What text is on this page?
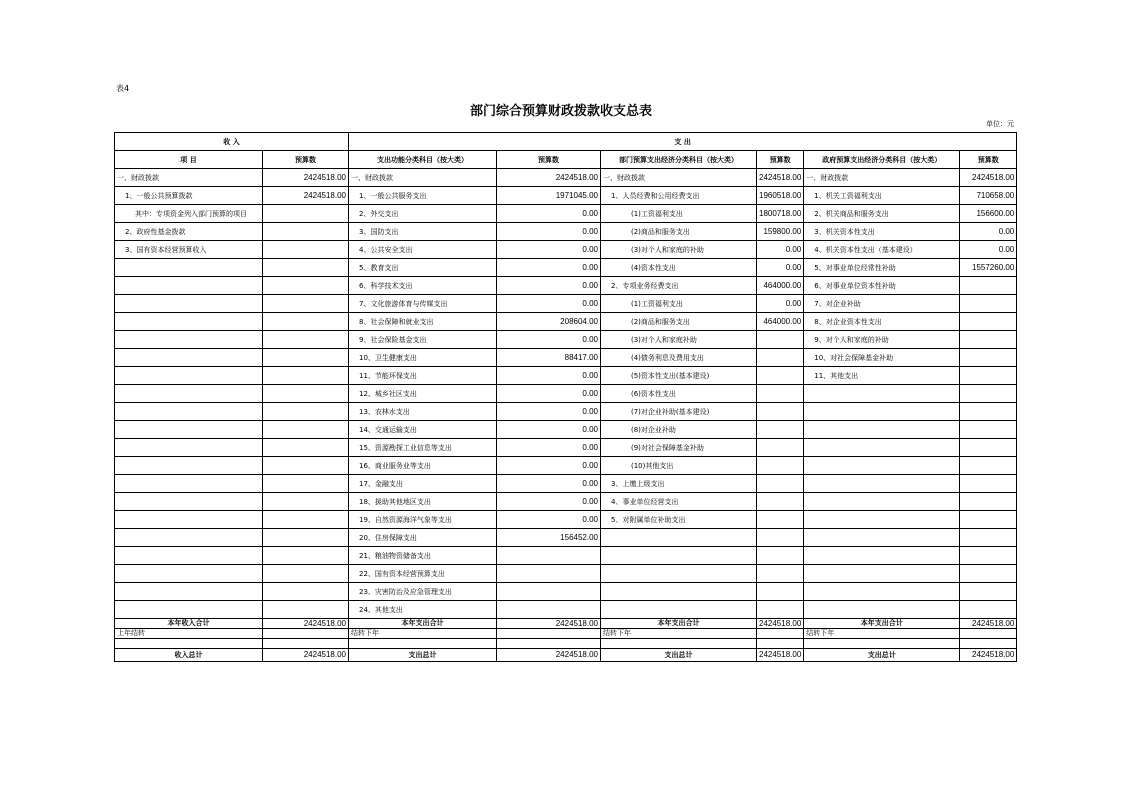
表4
部门综合预算财政拨款收支总表
单位：元
收 入		支 出					
项 目	预算数	支出功能分类科目（按大类）	预算数	部门预算支出经济分类科目（按大类）	预算数	政府预算支出经济分类科目（按大类）	预算数
一、财政拨款	2424518.00	一、财政拨款	2424518.00	一、财政拨款	2424518.00	一、财政拨款	2424518.00
1、一般公共预算拨款	2424518.00	1、一般公共服务支出	1971045.00	1、人员经费和公用经费支出	1960518.00	1、机关工资福利支出	710658.00
其中：专项资金列入部门预算的项目		2、外交支出	0.00	(1)工资福利支出	1800718.00	2、机关商品和服务支出	156600.00
2、政府性基金拨款		3、国防支出	0.00	(2)商品和服务支出	159800.00	3、机关资本性支出	0.00
3、国有资本经营预算收入		4、公共安全支出	0.00	(3)对个人和家庭的补助	0.00	4、机关资本性支出（基本建设）	0.00
		5、教育支出	0.00	(4)资本性支出	0.00	5、对事业单位经常性补助	1557260.00
		6、科学技术支出	0.00	2、专项业务经费支出	464000.00	6、对事业单位资本性补助	
		7、文化旅游体育与传媒支出	0.00	(1)工资福利支出	0.00	7、对企业补助	
		8、社会保障和就业支出	208604.00	(2)商品和服务支出	464000.00	8、对企业资本性支出	
		9、社会保险基金支出	0.00	(3)对个人和家庭补助		9、对个人和家庭的补助	
		10、卫生健康支出	88417.00	(4)债务利息及费用支出		10、对社会保障基金补助	
		11、节能环保支出	0.00	(5)资本性支出(基本建设)		11、其他支出	
		12、城乡社区支出	0.00	(6)资本性支出			
		13、农林水支出	0.00	(7)对企业补助(基本建设)			
		14、交通运输支出	0.00	(8)对企业补助			
		15、资源勘探工业信息等支出	0.00	(9)对社会保障基金补助			
		16、商业服务业等支出	0.00	(10)其他支出			
		17、金融支出	0.00	3、上缴上级支出			
		18、援助其他地区支出	0.00	4、事业单位经营支出			
		19、自然资源海洋气象等支出	0.00	5、对附属单位补助支出			
		20、住房保障支出	156452.00				
		21、粮油物资储备支出					
		22、国有资本经营预算支出					
		23、灾害防治及应急管理支出					
		24、其他支出					
本年收入合计	2424518.00	本年支出合计	2424518.00	本年支出合计	2424518.00	本年支出合计	2424518.00
上年结转		结转下年		结转下年		结转下年	

收入总计	2424518.00	支出总计	2424518.00	支出总计	2424518.00	支出总计	2424518.00
